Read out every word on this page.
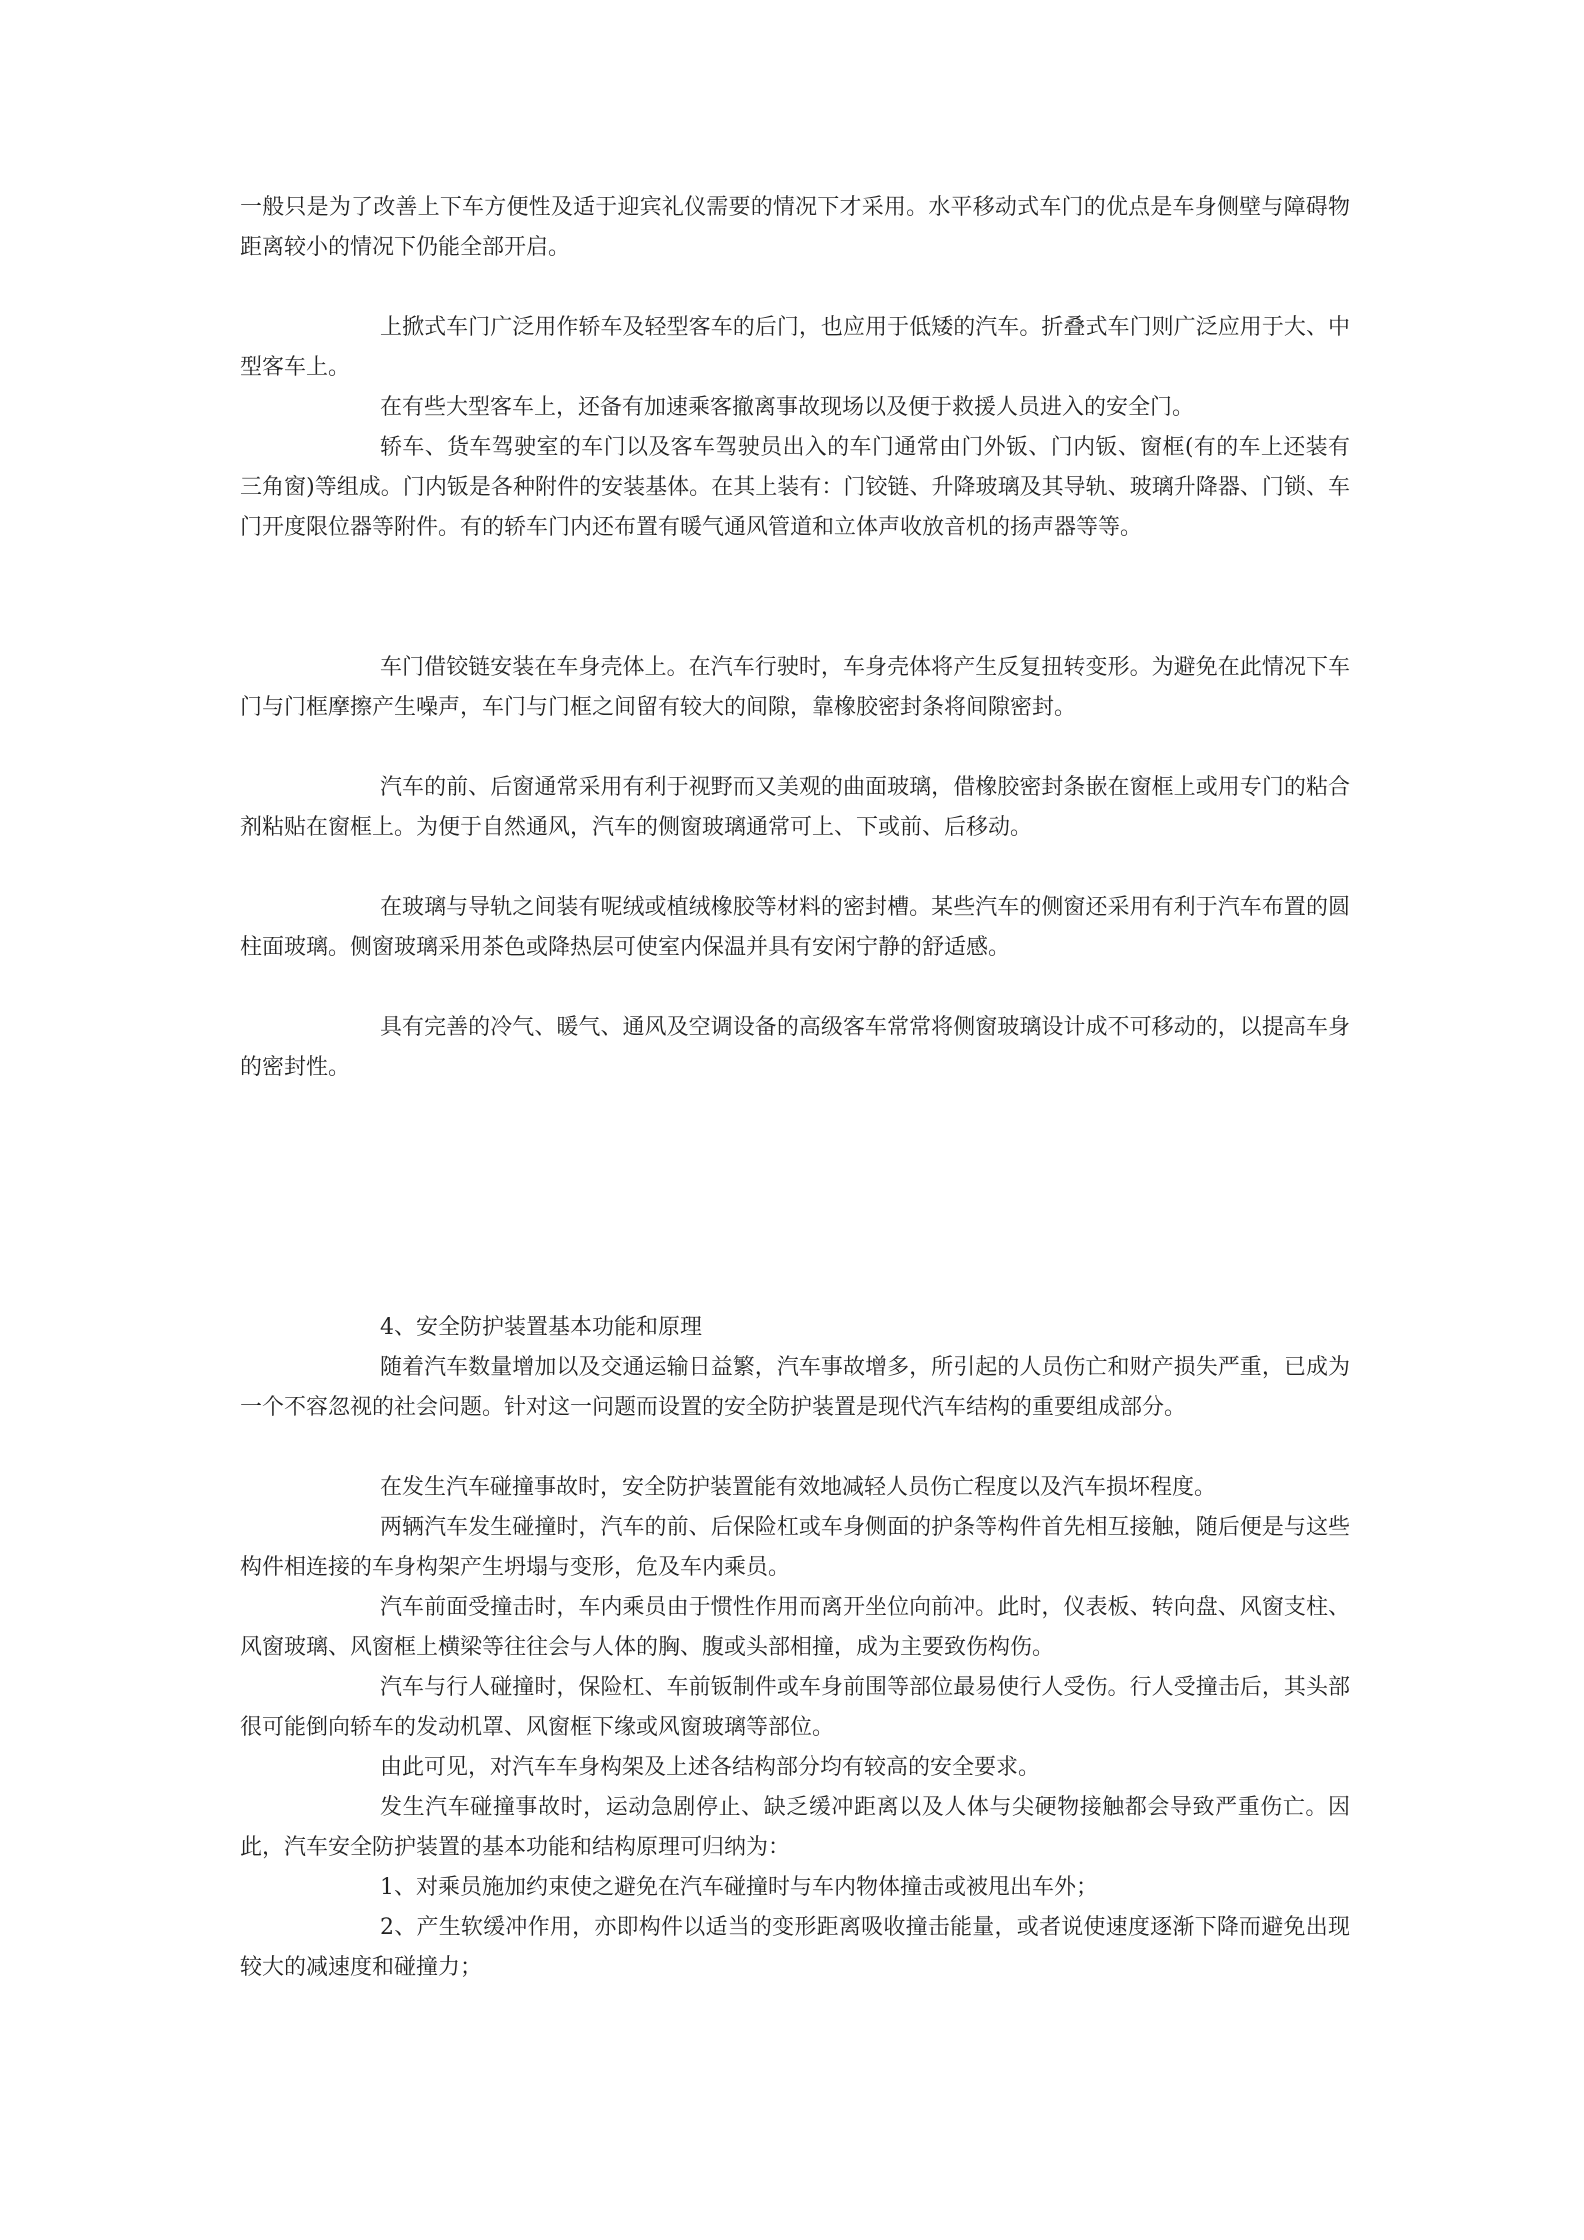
一般只是为了改善上下车方便性及适于迎宾礼仪需要的情况下才采用。水平移动式车门的优点是车身侧壁与障碍物距离较小的情况下仍能全部开启。

上掀式车门广泛用作轿车及轻型客车的后门，也应用于低矮的汽车。折叠式车门则广泛应用于大、中型客车上。

在有些大型客车上，还备有加速乘客撤离事故现场以及便于救援人员进入的安全门。

轿车、货车驾驶室的车门以及客车驾驶员出入的车门通常由门外钣、门内钣、窗框(有的车上还装有三角窗)等组成。门内钣是各种附件的安装基体。在其上装有：门铰链、升降玻璃及其导轨、玻璃升降器、门锁、车门开度限位器等附件。有的轿车门内还布置有暖气通风管道和立体声收放音机的扬声器等等。

车门借铰链安装在车身壳体上。在汽车行驶时，车身壳体将产生反复扭转变形。为避免在此情况下车门与门框摩擦产生噪声，车门与门框之间留有较大的间隙，靠橡胶密封条将间隙密封。

汽车的前、后窗通常采用有利于视野而又美观的曲面玻璃，借橡胶密封条嵌在窗框上或用专门的粘合剂粘贴在窗框上。为便于自然通风，汽车的侧窗玻璃通常可上、下或前、后移动。

在玻璃与导轨之间装有呢绒或植绒橡胶等材料的密封槽。某些汽车的侧窗还采用有利于汽车布置的圆柱面玻璃。侧窗玻璃采用茶色或降热层可使室内保温并具有安闲宁静的舒适感。

具有完善的冷气、暖气、通风及空调设备的高级客车常常将侧窗玻璃设计成不可移动的，以提高车身的密封性。

4、安全防护装置基本功能和原理

随着汽车数量增加以及交通运输日益繁，汽车事故增多，所引起的人员伤亡和财产损失严重，已成为一个不容忽视的社会问题。针对这一问题而设置的安全防护装置是现代汽车结构的重要组成部分。

在发生汽车碰撞事故时，安全防护装置能有效地减轻人员伤亡程度以及汽车损坏程度。

两辆汽车发生碰撞时，汽车的前、后保险杠或车身侧面的护条等构件首先相互接触，随后便是与这些构件相连接的车身构架产生坍塌与变形，危及车内乘员。

汽车前面受撞击时，车内乘员由于惯性作用而离开坐位向前冲。此时，仪表板、转向盘、风窗支柱、风窗玻璃、风窗框上横梁等往往会与人体的胸、腹或头部相撞，成为主要致伤构伤。

汽车与行人碰撞时，保险杠、车前钣制件或车身前围等部位最易使行人受伤。行人受撞击后，其头部很可能倒向轿车的发动机罩、风窗框下缘或风窗玻璃等部位。

由此可见，对汽车车身构架及上述各结构部分均有较高的安全要求。

发生汽车碰撞事故时，运动急剧停止、缺乏缓冲距离以及人体与尖硬物接触都会导致严重伤亡。因此，汽车安全防护装置的基本功能和结构原理可归纳为：

1、对乘员施加约束使之避免在汽车碰撞时与车内物体撞击或被甩出车外；

2、产生软缓冲作用，亦即构件以适当的变形距离吸收撞击能量，或者说使速度逐渐下降而避免出现较大的减速度和碰撞力；
